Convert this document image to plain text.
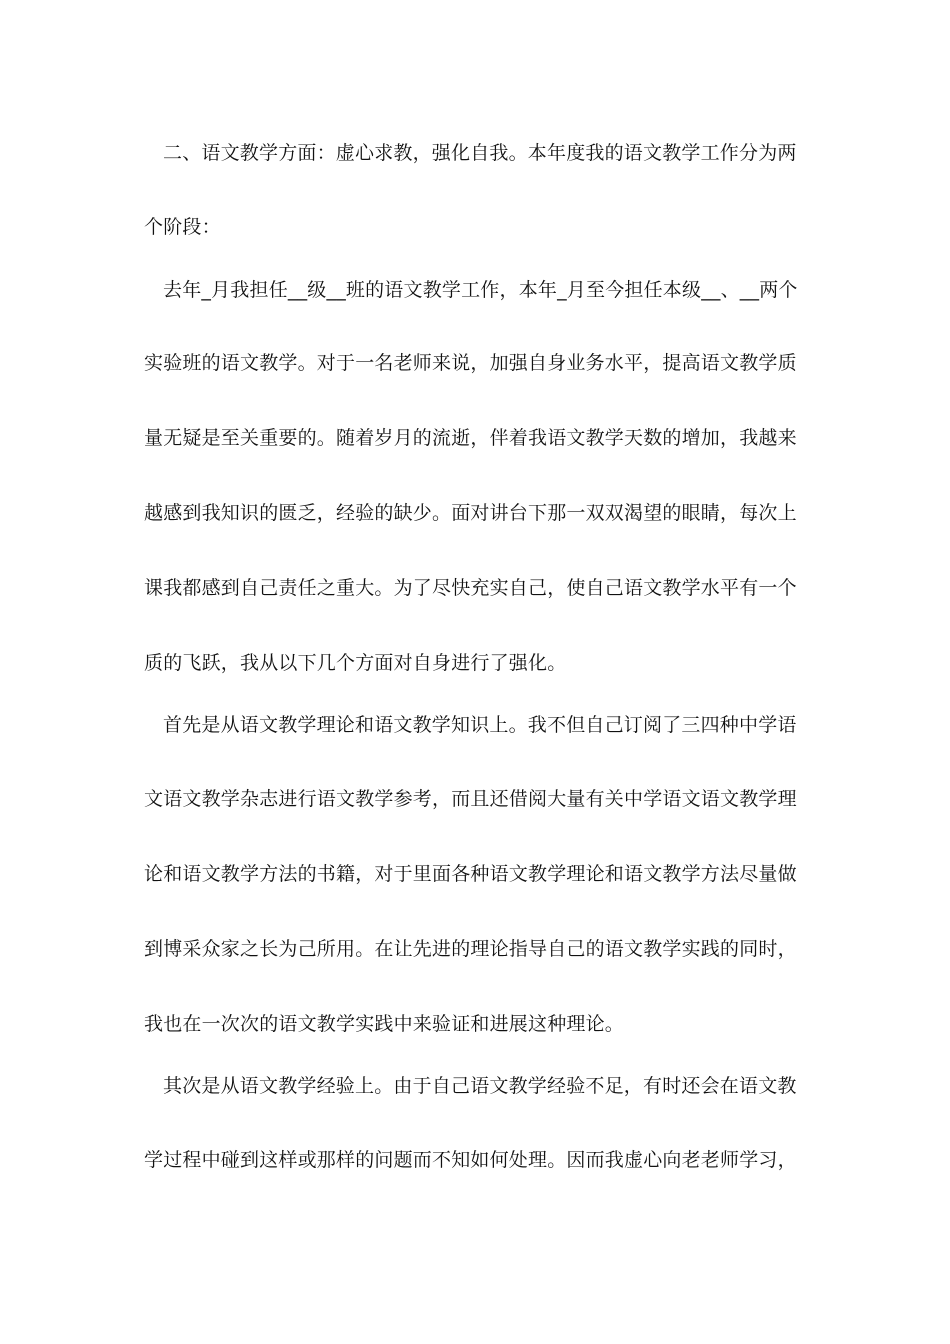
二、语文教学方面：虚心求教，强化自我。本年度我的语文教学工作分为两
个阶段：
去年_月我担任__级__班的语文教学工作，本年_月至今担任本级__、__两个
实验班的语文教学。对于一名老师来说，加强自身业务水平，提高语文教学质
量无疑是至关重要的。随着岁月的流逝，伴着我语文教学天数的增加，我越来
越感到我知识的匮乏，经验的缺少。面对讲台下那一双双渴望的眼睛，每次上
课我都感到自己责任之重大。为了尽快充实自己，使自己语文教学水平有一个
质的飞跃，我从以下几个方面对自身进行了强化。
首先是从语文教学理论和语文教学知识上。我不但自己订阅了三四种中学语
文语文教学杂志进行语文教学参考，而且还借阅大量有关中学语文语文教学理
论和语文教学方法的书籍，对于里面各种语文教学理论和语文教学方法尽量做
到博采众家之长为己所用。在让先进的理论指导自己的语文教学实践的同时，
我也在一次次的语文教学实践中来验证和进展这种理论。
其次是从语文教学经验上。由于自己语文教学经验不足，有时还会在语文教
学过程中碰到这样或那样的问题而不知如何处理。因而我虚心向老老师学习，
